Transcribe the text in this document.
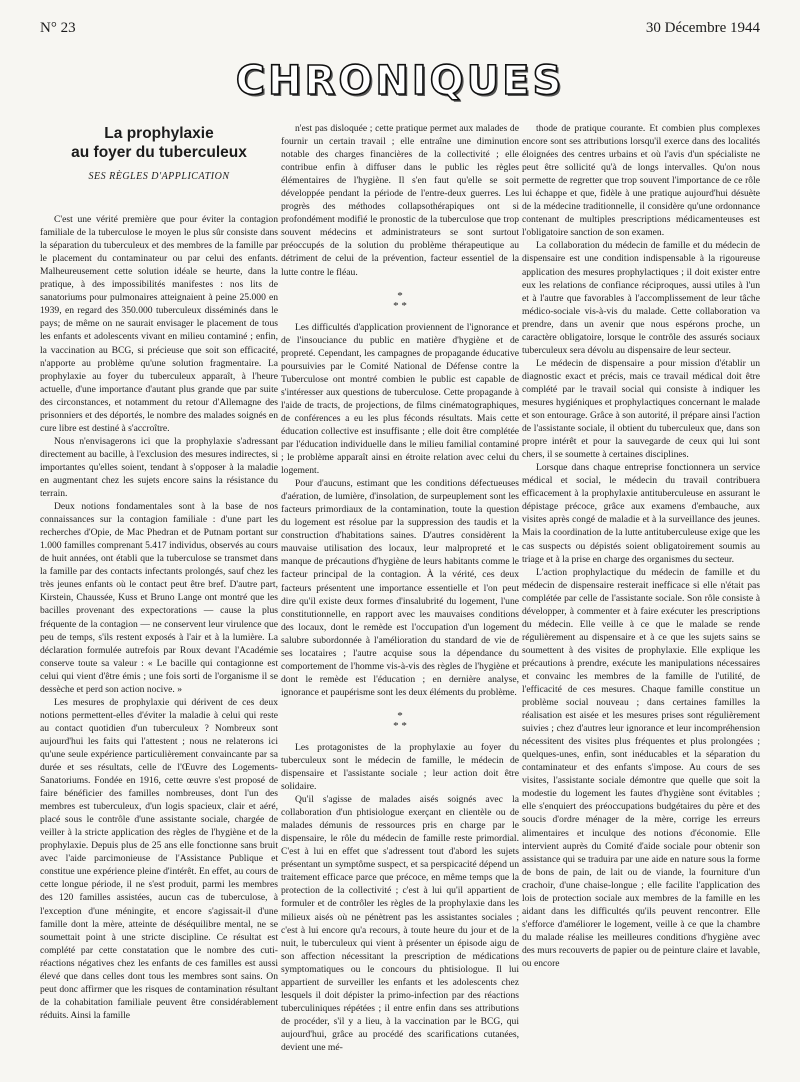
N° 23	30 Décembre 1944
CHRONIQUES
La prophylaxie
au foyer du tuberculeux
SES RÈGLES D'APPLICATION

C'est une vérité première que pour éviter la contagion familiale de la tuberculose le moyen le plus sûr consiste dans la séparation du tuberculeux et des membres de la famille par le placement du contaminateur ou par celui des enfants. Malheureusement cette solution idéale se heurte, dans la pratique, à des impossibilités manifestes : nos lits de sanatoriums pour pulmonaires atteignaient à peine 25.000 en 1939, en regard des 350.000 tuberculeux disséminés dans le pays; de même on ne saurait envisager le placement de tous les enfants et adolescents vivant en milieu contaminé ; enfin, la vaccination au BCG, si précieuse que soit son efficacité, n'apporte au problème qu'une solution fragmentaire. La prophylaxie au foyer du tuberculeux apparaît, à l'heure actuelle, d'une importance d'autant plus grande que par suite des circonstances, et notamment du retour d'Allemagne des prisonniers et des déportés, le nombre des malades soignés en cure libre est destiné à s'accroître.

Nous n'envisagerons ici que la prophylaxie s'adressant directement au bacille, à l'exclusion des mesures indirectes, si importantes qu'elles soient, tendant à s'opposer à la maladie en augmentant chez les sujets encore sains la résistance du terrain.

Deux notions fondamentales sont à la base de nos connaissances sur la contagion familiale : d'une part les recherches d'Opie, de Mac Phedran et de Putnam portant sur 1.000 familles comprenant 5.417 individus, observés au cours de huit années, ont établi que la tuberculose se transmet dans la famille par des contacts infectants prolongés, sauf chez les très jeunes enfants où le contact peut être bref. D'autre part, Kirstein, Chaussée, Kuss et Bruno Lange ont montré que les bacilles provenant des expectorations — cause la plus fréquente de la contagion — ne conservent leur virulence que peu de temps, s'ils restent exposés à l'air et à la lumière. La déclaration formulée autrefois par Roux devant l'Académie conserve toute sa valeur : « Le bacille qui contagionne est celui qui vient d'être émis ; une fois sorti de l'organisme il se dessèche et perd son action nocive. »

Les mesures de prophylaxie qui dérivent de ces deux notions permettent-elles d'éviter la maladie à celui qui reste au contact quotidien d'un tuberculeux ? Nombreux sont aujourd'hui les faits qui l'attestent ; nous ne relaterons ici qu'une seule expérience particulièrement convaincante par sa durée et ses résultats, celle de l'Œuvre des Logements-Sanatoriums. Fondée en 1916, cette œuvre s'est proposé de faire bénéficier des familles nombreuses, dont l'un des membres est tuberculeux, d'un logis spacieux, clair et aéré, placé sous le contrôle d'une assistante sociale, chargée de veiller à la stricte application des règles de l'hygiène et de la prophylaxie. Depuis plus de 25 ans elle fonctionne sans bruit avec l'aide parcimonieuse de l'Assistance Publique et constitue une expérience pleine d'intérêt. En effet, au cours de cette longue période, il ne s'est produit, parmi les membres des 120 familles assistées, aucun cas de tuberculose, à l'exception d'une méningite, et encore s'agissait-il d'une famille dont la mère, atteinte de déséquilibre mental, ne se soumettait point à une stricte discipline. Ce résultat est complété par cette constatation que le nombre des cuti-réactions négatives chez les enfants de ces familles est aussi élevé que dans celles dont tous les membres sont sains. On peut donc affirmer que les risques de contamination résultant de la cohabitation familiale peuvent être considérablement réduits. Ainsi la famille

n'est pas disloquée ; cette pratique permet aux malades de fournir un certain travail ; elle entraîne une diminution notable des charges financières de la collectivité ; elle contribue enfin à diffuser dans le public les règles élémentaires de l'hygiène. Il s'en faut qu'elle se soit développée pendant la période de l'entre-deux guerres. Les progrès des méthodes collapsothérapiques ont si profondément modifié le pronostic de la tuberculose que trop souvent médecins et administrateurs se sont surtout préoccupés de la solution du problème thérapeutique au détriment de celui de la prévention, facteur essentiel de la lutte contre le fléau.

*
* *

Les difficultés d'application proviennent de l'ignorance et de l'insouciance du public en matière d'hygiène et de propreté. Cependant, les campagnes de propagande éducative poursuivies par le Comité National de Défense contre la Tuberculose ont montré combien le public est capable de s'intéresser aux questions de tuberculose. Cette propagande à l'aide de tracts, de projections, de films cinématographiques, de conférences a eu les plus féconds résultats. Mais cette éducation collective est insuffisante ; elle doit être complétée par l'éducation individuelle dans le milieu familial contaminé ; le problème apparaît ainsi en étroite relation avec celui du logement.

Pour d'aucuns, estimant que les conditions défectueuses d'aération, de lumière, d'insolation, de surpeuplement sont les facteurs primordiaux de la contamination, toute la question du logement est résolue par la suppression des taudis et la construction d'habitations saines. D'autres considèrent la mauvaise utilisation des locaux, leur malpropreté et le manque de précautions d'hygiène de leurs habitants comme le facteur principal de la contagion. À la vérité, ces deux facteurs présentent une importance essentielle et l'on peut dire qu'il existe deux formes d'insalubrité du logement, l'une constitutionnelle, en rapport avec les mauvaises conditions des locaux, dont le remède est l'occupation d'un logement salubre subordonnée à l'amélioration du standard de vie de ses locataires ; l'autre acquise sous la dépendance du comportement de l'homme vis-à-vis des règles de l'hygiène et dont le remède est l'éducation ; en dernière analyse, ignorance et paupérisme sont les deux éléments du problème.

*
* *

Les protagonistes de la prophylaxie au foyer du tuberculeux sont le médecin de famille, le médecin de dispensaire et l'assistante sociale ; leur action doit être solidaire.

Qu'il s'agisse de malades aisés soignés avec la collaboration d'un phtisiologue exerçant en clientèle ou de malades démunis de ressources pris en charge par le dispensaire, le rôle du médecin de famille reste primordial. C'est à lui en effet que s'adressent tout d'abord les sujets présentant un symptôme suspect, et sa perspicacité dépend un traitement efficace parce que précoce, en même temps que la protection de la collectivité ; c'est à lui qu'il appartient de formuler et de contrôler les règles de la prophylaxie dans les milieux aisés où ne pénètrent pas les assistantes sociales ; c'est à lui encore qu'a recours, à toute heure du jour et de la nuit, le tuberculeux qui vient à présenter un épisode aigu de son affection nécessitant la prescription de médications symptomatiques ou le concours du phtisiologue. Il lui appartient de surveiller les enfants et les adolescents chez lesquels il doit dépister la primo-infection par des réactions tuberculiniques répétées ; il entre enfin dans ses attributions de procéder, s'il y a lieu, à la vaccination par le BCG, qui aujourd'hui, grâce au procédé des scarifications cutanées, devient une mé-

thode de pratique courante. Et combien plus complexes encore sont ses attributions lorsqu'il exerce dans des localités éloignées des centres urbains et où l'avis d'un spécialiste ne peut être sollicité qu'à de longs intervalles. Qu'on nous permette de regretter que trop souvent l'importance de ce rôle lui échappe et que, fidèle à une pratique aujourd'hui désuète de la médecine traditionnelle, il considère qu'une ordonnance contenant de multiples prescriptions médicamenteuses est l'obligatoire sanction de son examen.

La collaboration du médecin de famille et du médecin de dispensaire est une condition indispensable à la rigoureuse application des mesures prophylactiques ; il doit exister entre eux les relations de confiance réciproques, aussi utiles à l'un et à l'autre que favorables à l'accomplissement de leur tâche médico-sociale vis-à-vis du malade. Cette collaboration va prendre, dans un avenir que nous espérons proche, un caractère obligatoire, lorsque le contrôle des assurés sociaux tuberculeux sera dévolu au dispensaire de leur secteur.

Le médecin de dispensaire a pour mission d'établir un diagnostic exact et précis, mais ce travail médical doit être complété par le travail social qui consiste à indiquer les mesures hygiéniques et prophylactiques concernant le malade et son entourage. Grâce à son autorité, il prépare ainsi l'action de l'assistante sociale, il obtient du tuberculeux que, dans son propre intérêt et pour la sauvegarde de ceux qui lui sont chers, il se soumette à certaines disciplines.

Lorsque dans chaque entreprise fonctionnera un service médical et social, le médecin du travail contribuera efficacement à la prophylaxie antituberculeuse en assurant le dépistage précoce, grâce aux examens d'embauche, aux visites après congé de maladie et à la surveillance des jeunes. Mais la coordination de la lutte antituberculeuse exige que les cas suspects ou dépistés soient obligatoirement soumis au triage et à la prise en charge des organismes du secteur.

L'action prophylactique du médecin de famille et du médecin de dispensaire resterait inefficace si elle n'était pas complétée par celle de l'assistante sociale. Son rôle consiste à développer, à commenter et à faire exécuter les prescriptions du médecin. Elle veille à ce que le malade se rende régulièrement au dispensaire et à ce que les sujets sains se soumettent à des visites de prophylaxie. Elle explique les précautions à prendre, exécute les manipulations nécessaires et convainc les membres de la famille de l'utilité, de l'efficacité de ces mesures. Chaque famille constitue un problème social nouveau ; dans certaines familles la réalisation est aisée et les mesures prises sont régulièrement suivies ; chez d'autres leur ignorance et leur incompréhension nécessitent des visites plus fréquentes et plus prolongées ; quelques-unes, enfin, sont inéducables et la séparation du contaminateur et des enfants s'impose. Au cours de ses visites, l'assistante sociale démontre que quelle que soit la modestie du logement les fautes d'hygiène sont évitables ; elle s'enquiert des préoccupations budgétaires du père et des soucis d'ordre ménager de la mère, corrige les erreurs alimentaires et inculque des notions d'économie. Elle intervient auprès du Comité d'aide sociale pour obtenir son assistance qui se traduira par une aide en nature sous la forme de bons de pain, de lait ou de viande, la fourniture d'un crachoir, d'une chaise-longue ; elle facilite l'application des lois de protection sociale aux membres de la famille en les aidant dans les difficultés qu'ils peuvent rencontrer. Elle s'efforce d'améliorer le logement, veille à ce que la chambre du malade réalise les meilleures conditions d'hygiène avec des murs recouverts de papier ou de peinture claire et lavable, ou encore
